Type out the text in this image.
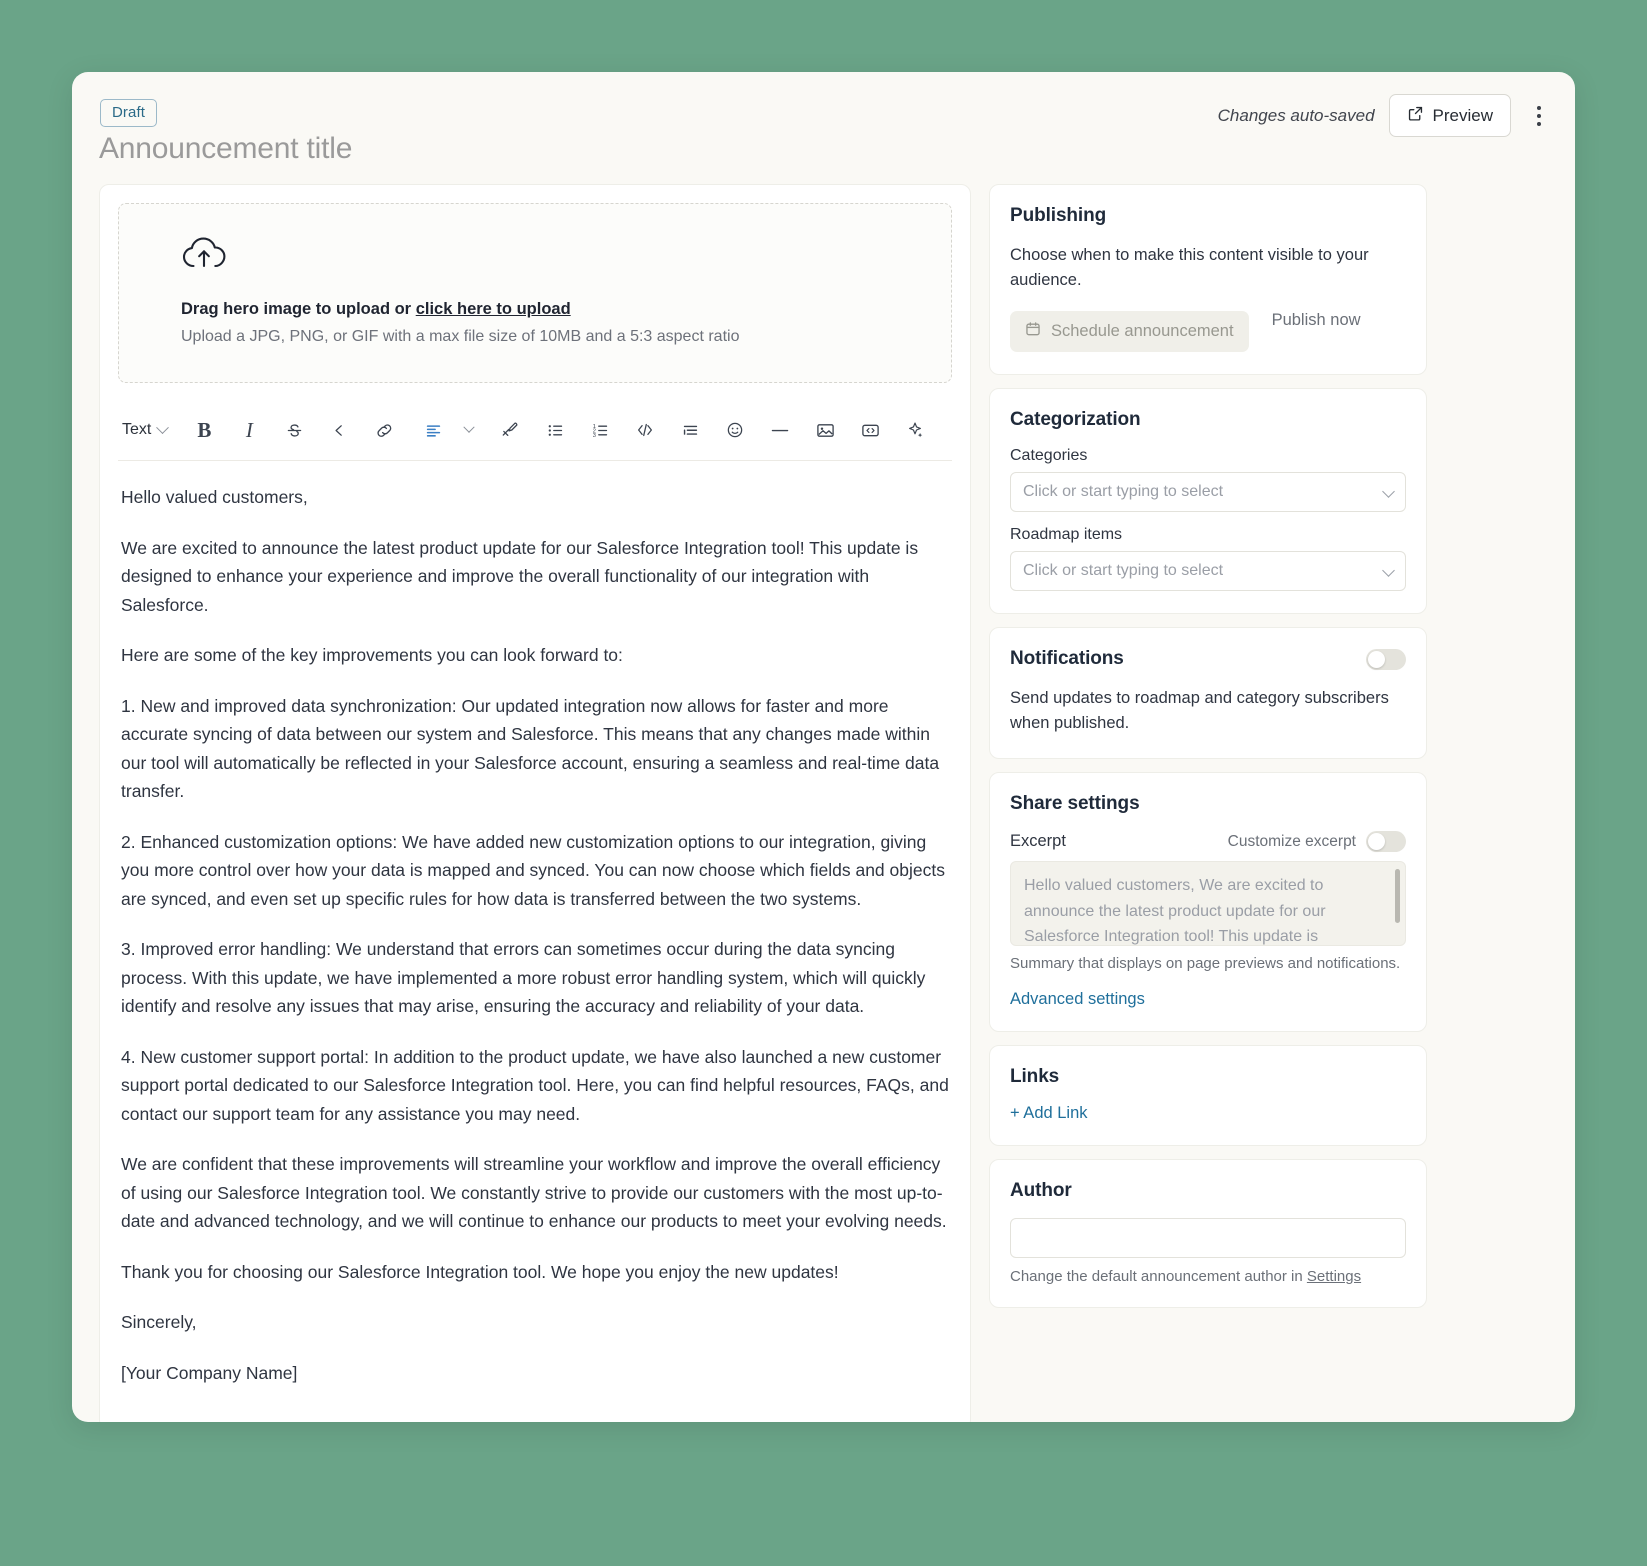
Draft
Announcement title
Changes auto-saved	Preview
Drag hero image to upload or click here to upload
Upload a JPG, PNG, or GIF with a max file size of 10MB and a 5:3 aspect ratio
Text	B	I	1
2
3

Hello valued customers,

We are excited to announce the latest product update for our Salesforce Integration tool! This update is designed to enhance your experience and improve the overall functionality of our integration with Salesforce.

Here are some of the key improvements you can look forward to:

1. New and improved data synchronization: Our updated integration now allows for faster and more accurate syncing of data between our system and Salesforce. This means that any changes made within our tool will automatically be reflected in your Salesforce account, ensuring a seamless and real-time data transfer.

2. Enhanced customization options: We have added new customization options to our integration, giving you more control over how your data is mapped and synced. You can now choose which fields and objects are synced, and even set up specific rules for how data is transferred between the two systems.

3. Improved error handling: We understand that errors can sometimes occur during the data syncing process. With this update, we have implemented a more robust error handling system, which will quickly identify and resolve any issues that may arise, ensuring the accuracy and reliability of your data.

4. New customer support portal: In addition to the product update, we have also launched a new customer support portal dedicated to our Salesforce Integration tool. Here, you can find helpful resources, FAQs, and contact our support team for any assistance you may need.

We are confident that these improvements will streamline your workflow and improve the overall efficiency of using our Salesforce Integration tool. We constantly strive to provide our customers with the most up-to-date and advanced technology, and we will continue to enhance our products to meet your evolving needs.

Thank you for choosing our Salesforce Integration tool. We hope you enjoy the new updates!

Sincerely,

[Your Company Name]

Publishing

Choose when to make this content visible to your audience.

Schedule announcement
Publish now
Categorization
Categories
Click or start typing to select
Roadmap items
Click or start typing to select
Notifications

Send updates to roadmap and category subscribers when published.

Share settings
Excerpt	Customize excerpt
Hello valued customers, We are excited to announce the latest product update for our Salesforce Integration tool! This update is
Summary that displays on page previews and notifications.
Advanced settings
Links
+ Add Link
Author
Change the default announcement author in Settings
